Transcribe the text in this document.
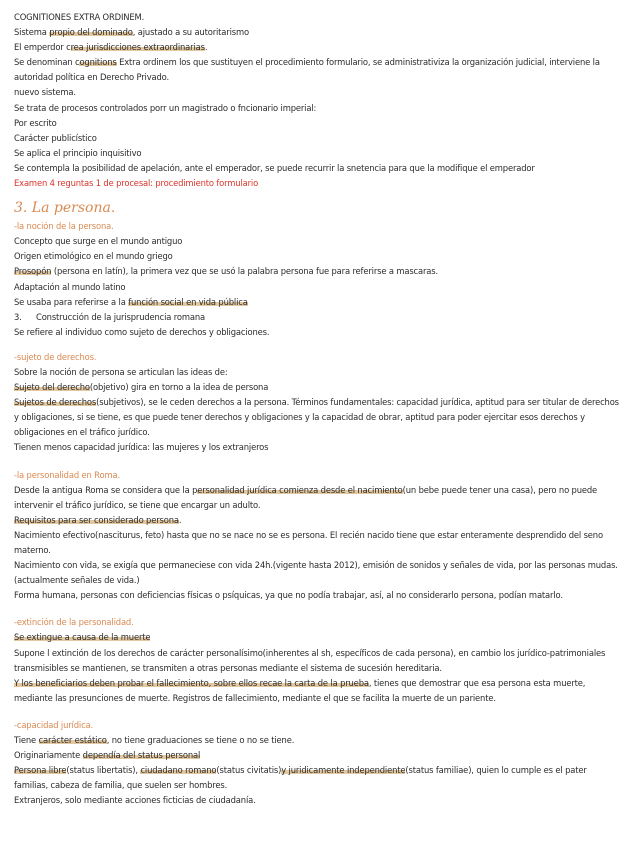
COGNITIONES EXTRA ORDINEM.
Sistema propio del dominado, ajustado a su autoritarismo
El emperdor crea jurisdicciones extraordinarias.
Se denominan cognitions Extra ordinem los que sustituyen el procedimiento formulario, se administrativiza la organización judicial, interviene la
autoridad política en Derecho Privado.
nuevo sistema.
Se trata de procesos controlados porr un magistrado o fncionario imperial:
Por escrito
Carácter publicístico
Se aplica el principio inquisitivo
Se contempla la posibilidad de apelación, ante el emperador, se puede recurrir la snetencia para que la modifique el emperador
Examen 4 reguntas 1 de procesal: procedimiento formulario
3. La persona.
-la noción de la persona.
Concepto que surge en el mundo antiguo
Origen etimológico en el mundo griego
Prosopón (persona en latín), la primera vez que se usó la palabra persona fue para referirse a mascaras.
Adaptación al mundo latino
Se usaba para referirse a la función social en vida pública
3. Construcción de la jurisprudencia romana
Se refiere al individuo como sujeto de derechos y obligaciones.
-sujeto de derechos.
Sobre la noción de persona se articulan las ideas de:
Sujeto del derecho(objetivo) gira en torno a la idea de persona
Sujetos de derechos(subjetivos), se le ceden derechos a la persona. Términos fundamentales: capacidad jurídica, aptitud para ser titular de derechos y obligaciones, si se tiene, es que puede tener derechos y obligaciones y la capacidad de obrar, aptitud para poder ejercitar esos derechos y obligaciones en el tráfico jurídico.
Tienen menos capacidad jurídica: las mujeres y los extranjeros
-la personalidad en Roma.
Desde la antigua Roma se considera que la personalidad jurídica comienza desde el nacimiento(un bebe puede tener una casa), pero no puede intervenir el tráfico jurídico, se tiene que encargar un adulto.
Requisitos para ser considerado persona.
Nacimiento efectivo(nasciturus, feto) hasta que no se nace no se es persona. El recién nacido tiene que estar enteramente desprendido del seno materno.
Nacimiento con vida, se exigía que permaneciese con vida 24h.(vigente hasta 2012), emisión de sonidos y señales de vida, por las personas mudas. (actualmente señales de vida.)
Forma humana, personas con deficiencias físicas o psíquicas, ya que no podía trabajar, así, al no considerarlo persona, podían matarlo.
-extinción de la personalidad.
Se extingue a causa de la muerte
Supone l extinción de los derechos de carácter personalísimo(inherentes al sh, específicos de cada persona), en cambio los jurídico-patrimoniales transmisibles se mantienen, se transmiten a otras personas mediante el sistema de sucesión hereditaria.
Y los beneficiarios deben probar el fallecimiento, sobre ellos recae la carta de la prueba, tienes que demostrar que esa persona esta muerte, mediante las presunciones de muerte. Registros de fallecimiento, mediante el que se facilita la muerte de un pariente.
-capacidad jurídica.
Tiene carácter estático, no tiene graduaciones se tiene o no se tiene.
Originariamente dependía del status personal
Persona libre(status libertatis), ciudadano romano(status civitatis)y juridicamente independiente(status familiae), quien lo cumple es el pater
familias, cabeza de familia, que suelen ser hombres.
Extranjeros, solo mediante acciones ficticias de ciudadanía.
